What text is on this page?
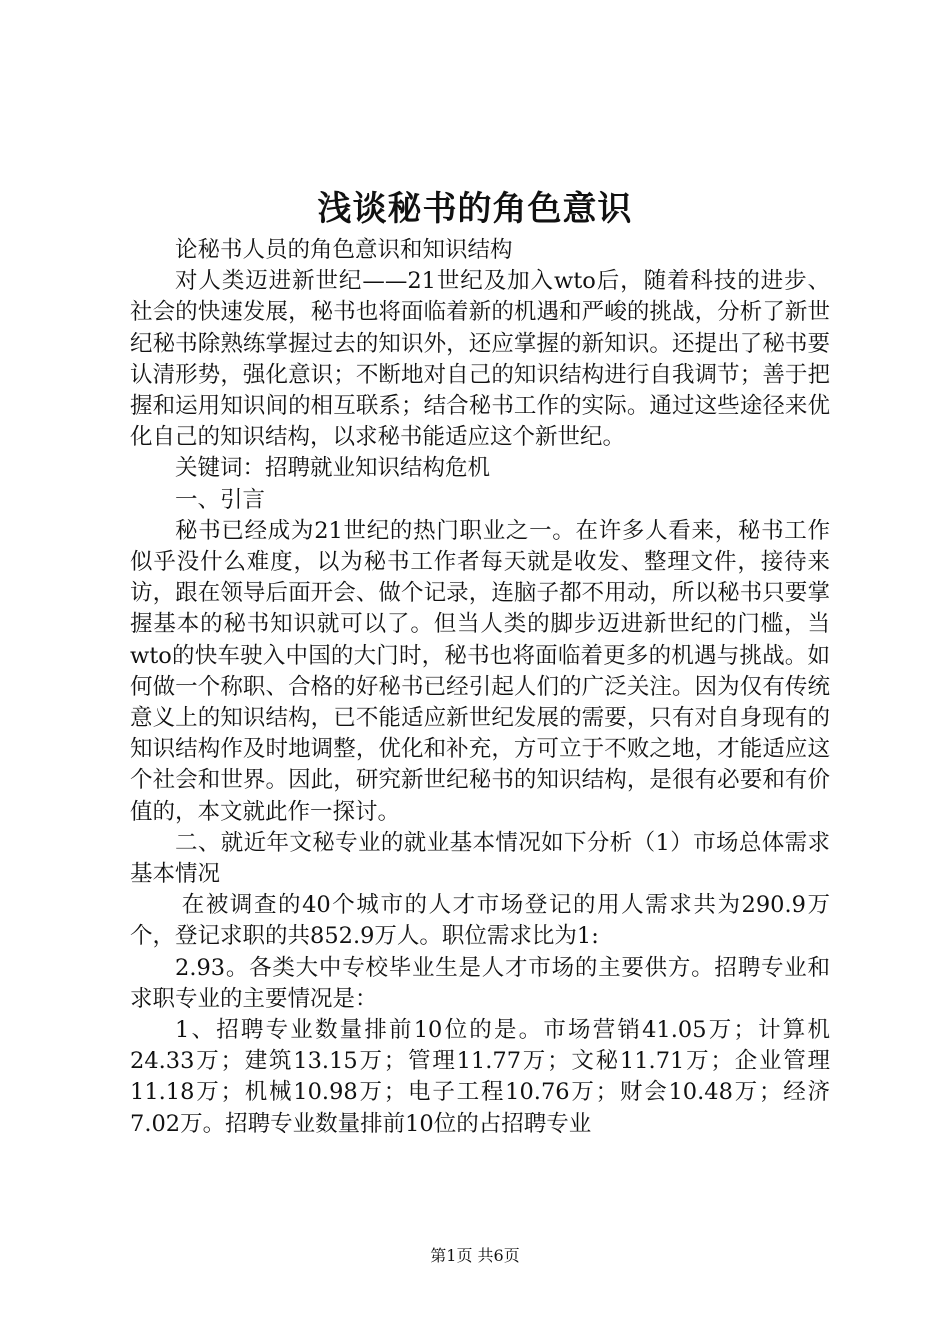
浅谈秘书的角色意识

论秘书人员的角色意识和知识结构

对人类迈进新世纪——21世纪及加入wto后，随着科技的进步、社会的快速发展，秘书也将面临着新的机遇和严峻的挑战，分析了新世纪秘书除熟练掌握过去的知识外，还应掌握的新知识。还提出了秘书要认清形势，强化意识；不断地对自己的知识结构进行自我调节；善于把握和运用知识间的相互联系；结合秘书工作的实际。通过这些途径来优化自己的知识结构，以求秘书能适应这个新世纪。

关键词：招聘就业知识结构危机

一、引言

秘书已经成为21世纪的热门职业之一。在许多人看来，秘书工作似乎没什么难度，以为秘书工作者每天就是收发、整理文件，接待来访，跟在领导后面开会、做个记录，连脑子都不用动，所以秘书只要掌握基本的秘书知识就可以了。但当人类的脚步迈进新世纪的门槛，当wto的快车驶入中国的大门时，秘书也将面临着更多的机遇与挑战。如何做一个称职、合格的好秘书已经引起人们的广泛关注。因为仅有传统意义上的知识结构，已不能适应新世纪发展的需要，只有对自身现有的知识结构作及时地调整，优化和补充，方可立于不败之地，才能适应这个社会和世界。因此，研究新世纪秘书的知识结构，是很有必要和有价值的，本文就此作一探讨。

二、就近年文秘专业的就业基本情况如下分析（1）市场总体需求基本情况

在被调查的40个城市的人才市场登记的用人需求共为290.9万个，登记求职的共852.9万人。职位需求比为1:

2.93。各类大中专校毕业生是人才市场的主要供方。招聘专业和求职专业的主要情况是：

1、招聘专业数量排前10位的是。市场营销41.05万；计算机24.33万；建筑13.15万；管理11.77万；文秘11.71万；企业管理11.18万；机械10.98万；电子工程10.76万；财会10.48万；经济7.02万。招聘专业数量排前10位的占招聘专业

第1页 共6页
